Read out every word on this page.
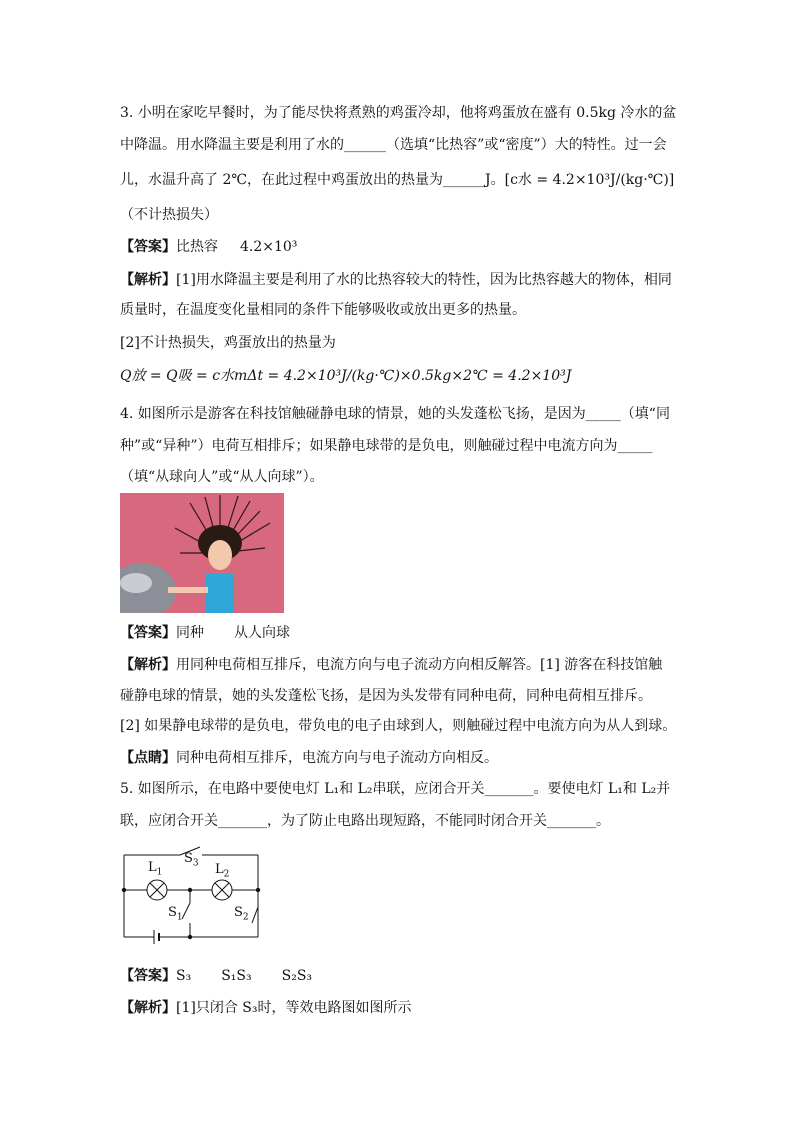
3. 小明在家吃早餐时，为了能尽快将煮熟的鸡蛋冷却，他将鸡蛋放在盛有 0.5kg 冷水的盆
中降温。用水降温主要是利用了水的______（选填“比热容”或“密度”）大的特性。过一会
儿，水温升高了 2℃，在此过程中鸡蛋放出的热量为______J。[c水 = 4.2×10³J/(kg·℃)]
（不计热损失）
【答案】比热容 4.2×10³
【解析】[1]用水降温主要是利用了水的比热容较大的特性，因为比热容越大的物体，相同
质量时，在温度变化量相同的条件下能够吸收或放出更多的热量。
[2]不计热损失，鸡蛋放出的热量为
Q放 = Q吸 = c水mΔt = 4.2×10³J/(kg·℃)×0.5kg×2℃ = 4.2×10³J
4. 如图所示是游客在科技馆触碰静电球的情景，她的头发蓬松飞扬，是因为_____（填“同
种”或“异种”）电荷互相排斥；如果静电球带的是负电，则触碰过程中电流方向为_____
（填“从球向人”或“从人向球”）。
【答案】同种 从人向球
【解析】用同种电荷相互排斥，电流方向与电子流动方向相反解答。[1] 游客在科技馆触
碰静电球的情景，她的头发蓬松飞扬，是因为头发带有同种电荷，同种电荷相互排斥。
[2] 如果静电球带的是负电，带负电的电子由球到人，则触碰过程中电流方向为从人到球。
【点睛】同种电荷相互排斥，电流方向与电子流动方向相反。
5. 如图所示，在电路中要使电灯 L₁和 L₂串联，应闭合开关_______。要使电灯 L₁和 L₂并
联，应闭合开关_______，为了防止电路出现短路，不能同时闭合开关_______。
$S_3$
$L_1$	$L_2$
$S_1$	$S_2$
【答案】S₃ S₁S₃ S₂S₃
【解析】[1]只闭合 S₃时，等效电路图如图所示
